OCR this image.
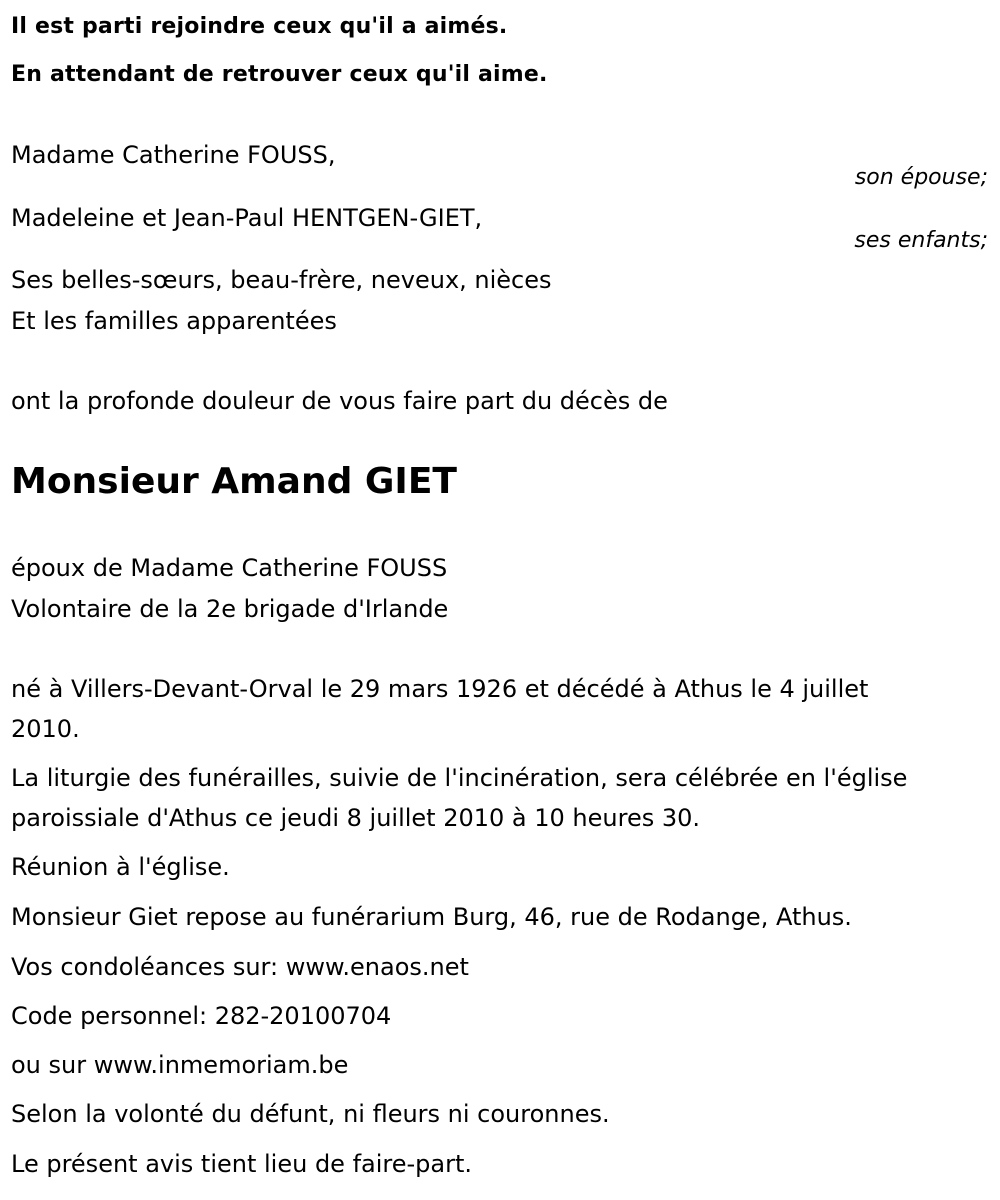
Il est parti rejoindre ceux qu'il a aimés.
En attendant de retrouver ceux qu'il aime.
Madame Catherine FOUSS,
son épouse;
Madeleine et Jean-Paul HENTGEN-GIET,
ses enfants;
Ses belles-sœurs, beau-frère, neveux, nièces
Et les familles apparentées
ont la profonde douleur de vous faire part du décès de
Monsieur Amand GIET
époux de Madame Catherine FOUSS
Volontaire de la 2e brigade d'Irlande
né à Villers-Devant-Orval le 29 mars 1926 et décédé à Athus le 4 juillet
2010.
La liturgie des funérailles, suivie de l'incinération, sera célébrée en l'église
paroissiale d'Athus ce jeudi 8 juillet 2010 à 10 heures 30.
Réunion à l'église.
Monsieur Giet repose au funérarium Burg, 46, rue de Rodange, Athus.
Vos condoléances sur: www.enaos.net
Code personnel: 282-20100704
ou sur www.inmemoriam.be
Selon la volonté du défunt, ni fleurs ni couronnes.
Le présent avis tient lieu de faire-part.
